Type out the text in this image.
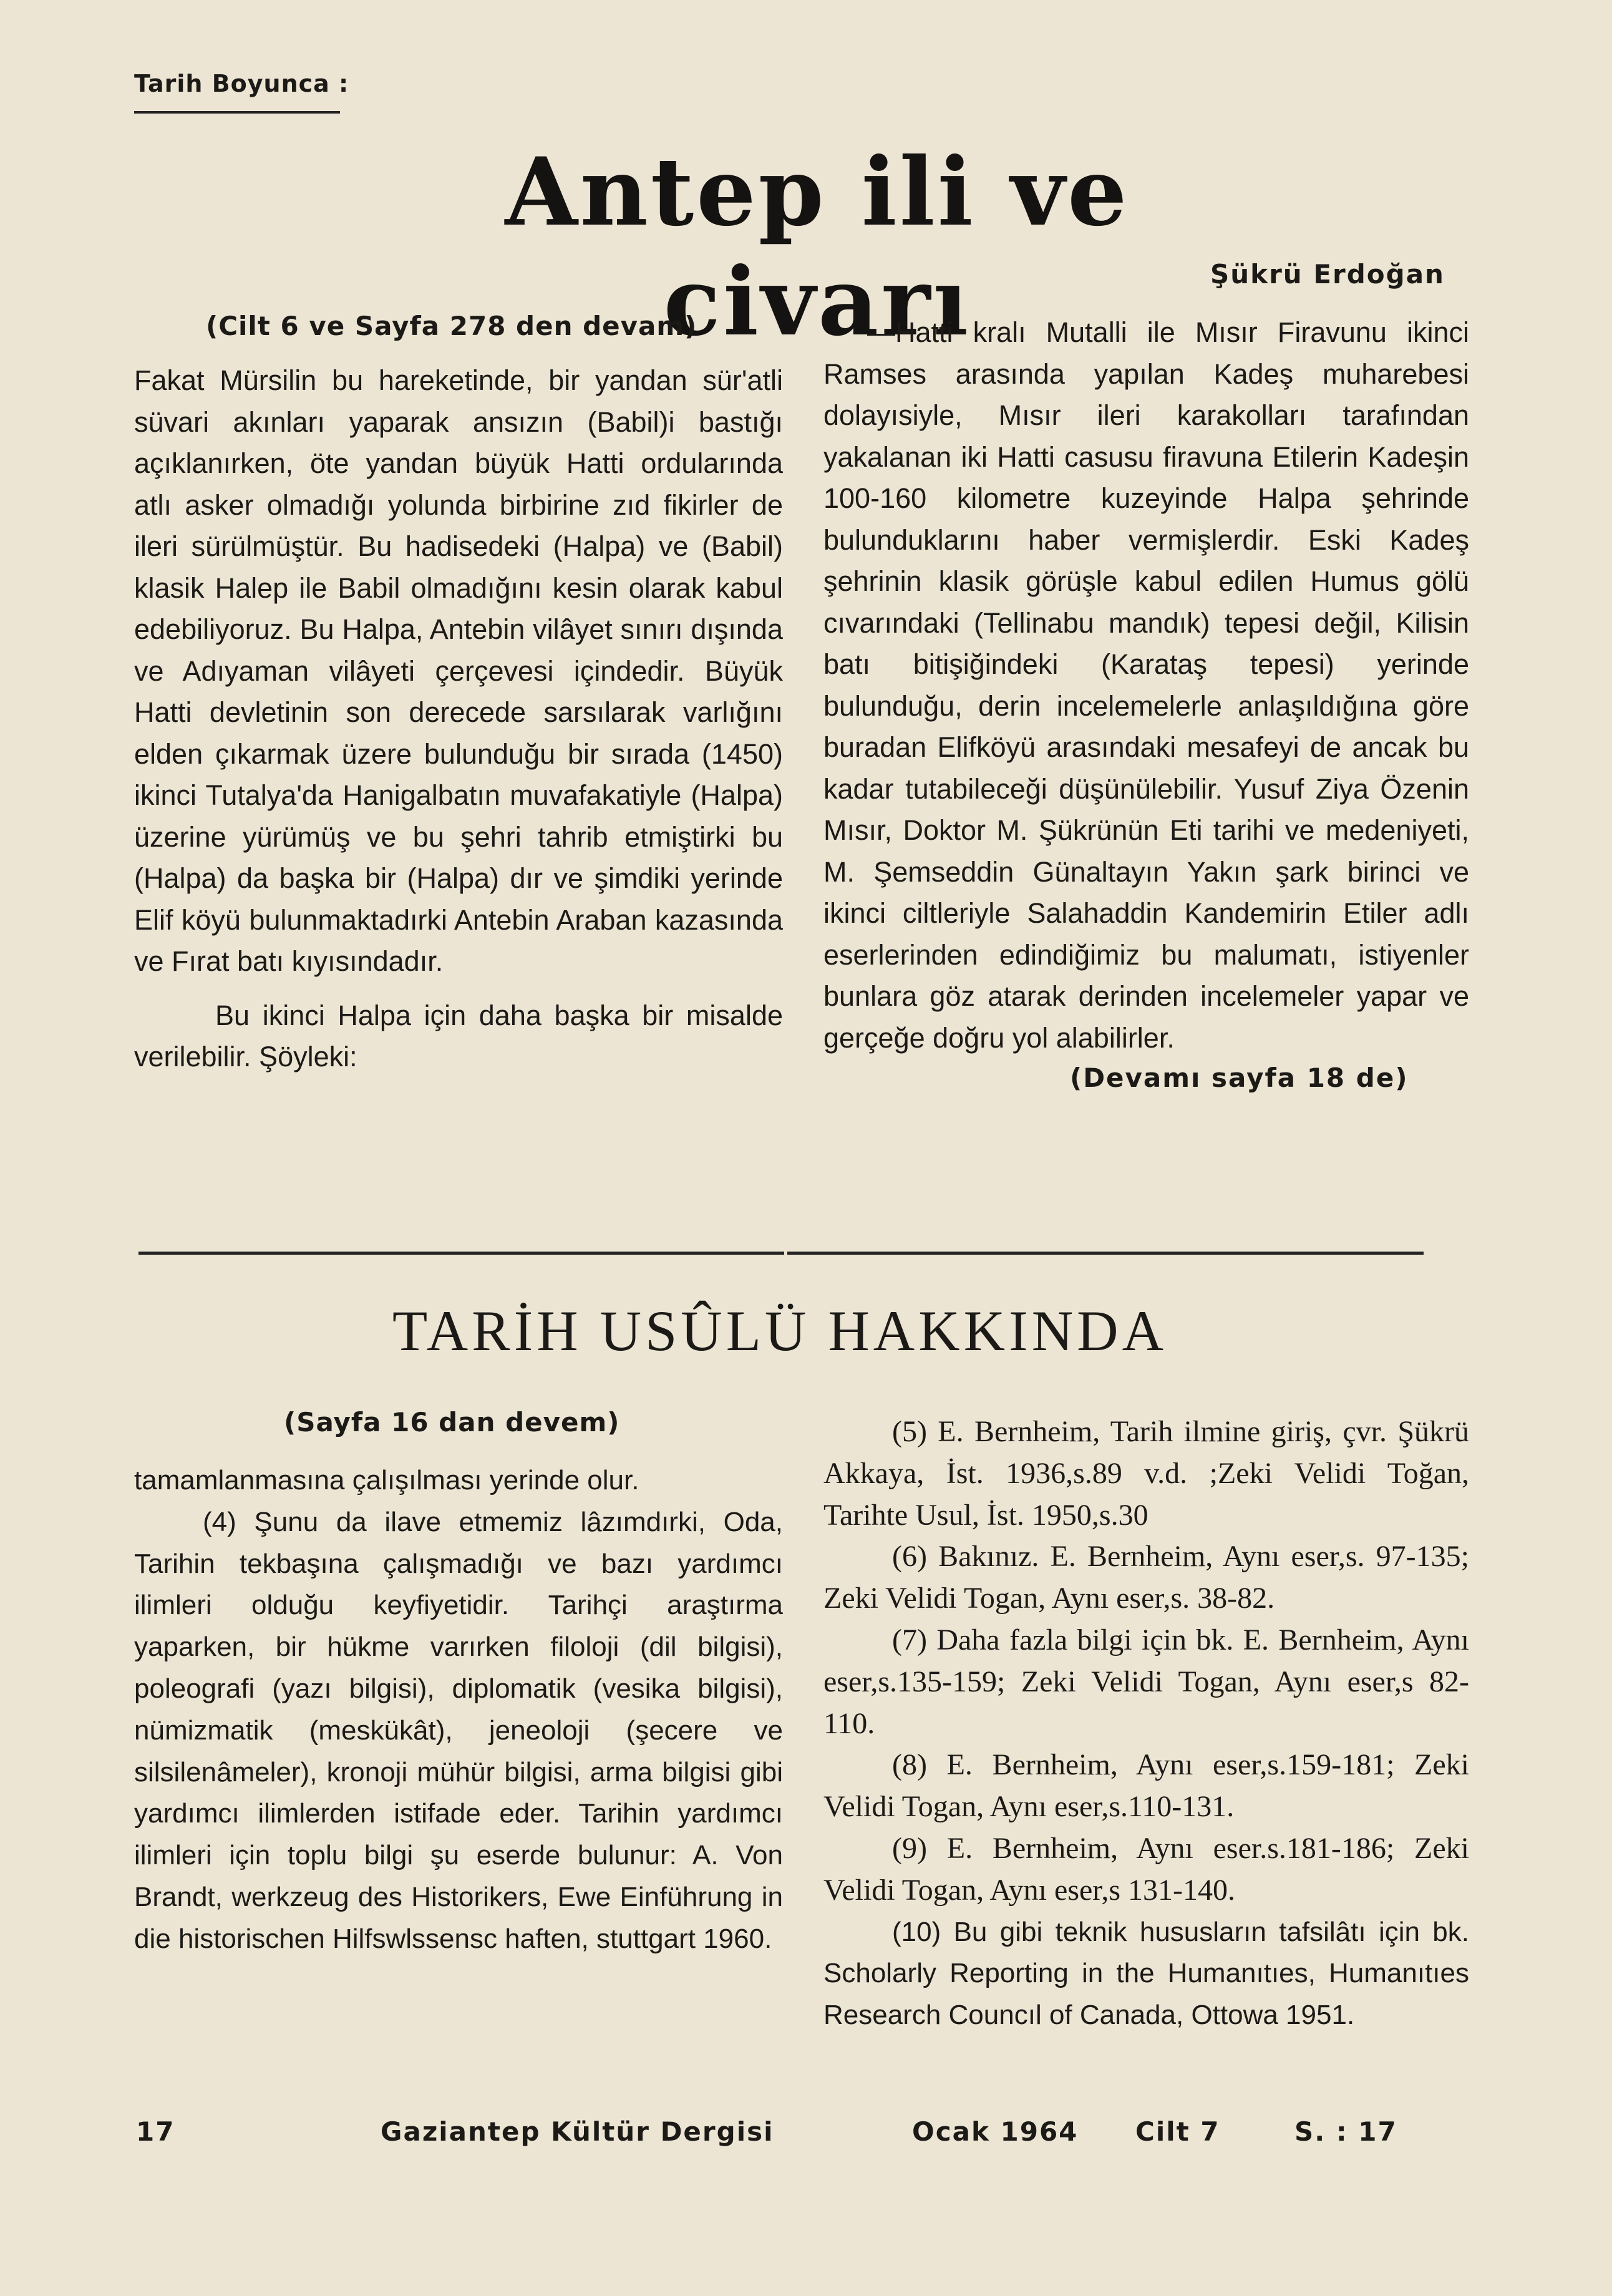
Tarih Boyunca :
Antep ili ve civarı	Şükrü Erdoğan
(Cilt 6 ve Sayfa 278 den devam)

Fakat Mürsilin bu hareketinde, bir yandan sür'atli süvari akınları yaparak ansızın (Babil)i bastığı açıklanırken, öte yandan büyük Hatti ordularında atlı asker olmadığı yolunda birbirine zıd fikirler de ileri sürülmüştür. Bu hadisedeki (Halpa) ve (Babil) klasik Halep ile Babil olmadığını kesin olarak kabul edebiliyoruz. Bu Halpa, Antebin vilâyet sınırı dışında ve Adıyaman vilâyeti çerçevesi içindedir. Büyük Hatti devletinin son derecede sarsılarak varlığını elden çıkarmak üzere bulunduğu bir sırada (1450) ikinci Tutalya'da Hanigalbatın muvafakatiyle (Halpa) üzerine yürümüş ve bu şehri tahrib etmiştirki bu (Halpa) da başka bir (Halpa) dır ve şimdiki yerinde Elif köyü bulunmaktadırki Antebin Araban kazasında ve Fırat batı kıyısındadır.

Bu ikinci Halpa için daha başka bir misalde verilebilir. Şöyleki:

—Hatti kralı Mutalli ile Mısır Firavunu ikinci Ramses arasında yapılan Kadeş muharebesi dolayısiyle, Mısır ileri karakolları tarafından yakalanan iki Hatti casusu firavuna Etilerin Kadeşin 100-160 kilometre kuzeyinde Halpa şehrinde bulunduklarını haber vermişlerdir. Eski Kadeş şehrinin klasik görüşle kabul edilen Humus gölü cıvarındaki (Tellinabu mandık) tepesi değil, Kilisin batı bitişiğindeki (Karataş tepesi) yerinde bulunduğu, derin incelemelerle anlaşıldığına göre buradan Elifköyü arasındaki mesafeyi de ancak bu kadar tutabileceği düşünülebilir. Yusuf Ziya Özenin Mısır, Doktor M. Şükrünün Eti tarihi ve medeniyeti, M. Şemseddin Günaltayın Yakın şark birinci ve ikinci ciltleriyle Salahaddin Kandemirin Etiler adlı eserlerinden edindiğimiz bu malumatı, istiyenler bunlara göz atarak derinden incelemeler yapar ve gerçeğe doğru yol alabilirler.

(Devamı sayfa 18 de)
TARİH USÛLÜ HAKKINDA
(Sayfa 16 dan devem)

tamamlanmasına çalışılması yerinde olur.

(4) Şunu da ilave etmemiz lâzımdırki, Oda, Tarihin tekbaşına çalışmadığı ve bazı yardımcı ilimleri olduğu keyfiyetidir. Tarihçi araştırma yaparken, bir hükme varırken filoloji (dil bilgisi), poleografi (yazı bilgisi), diplomatik (vesika bilgisi), nümizmatik (meskükât), jeneoloji (şecere ve silsilenâmeler), kronoji mühür bilgisi, arma bilgisi gibi yardımcı ilimlerden istifade eder. Tarihin yardımcı ilimleri için toplu bilgi şu eserde bulunur: A. Von Brandt, werkzeug des Historikers, Ewe Einführung in die historischen Hilfswlssensc haften, stuttgart 1960.

(5) E. Bernheim, Tarih ilmine giriş, çvr. Şükrü Akkaya, İst. 1936,s.89 v.d. ;Zeki Velidi Toğan, Tarihte Usul, İst. 1950,s.30

(6) Bakınız. E. Bernheim, Aynı eser,s. 97-135; Zeki Velidi Togan, Aynı eser,s. 38-82.

(7) Daha fazla bilgi için bk. E. Bernheim, Aynı eser,s.135-159; Zeki Velidi Togan, Aynı eser,s 82-110.

(8) E. Bernheim, Aynı eser,s.159-181; Zeki Velidi Togan, Aynı eser,s.110-131.

(9) E. Bernheim, Aynı eser.s.181-186; Zeki Velidi Togan, Aynı eser,s 131-140.

(10) Bu gibi teknik hususların tafsilâtı için bk. Scholarly Reporting in the Humanıtıes, Humanıtıes Research Councıl of Canada, Ottowa 1951.

17	Gaziantep Kültür Dergisi	Ocak 1964 Cilt 7	S. : 17
